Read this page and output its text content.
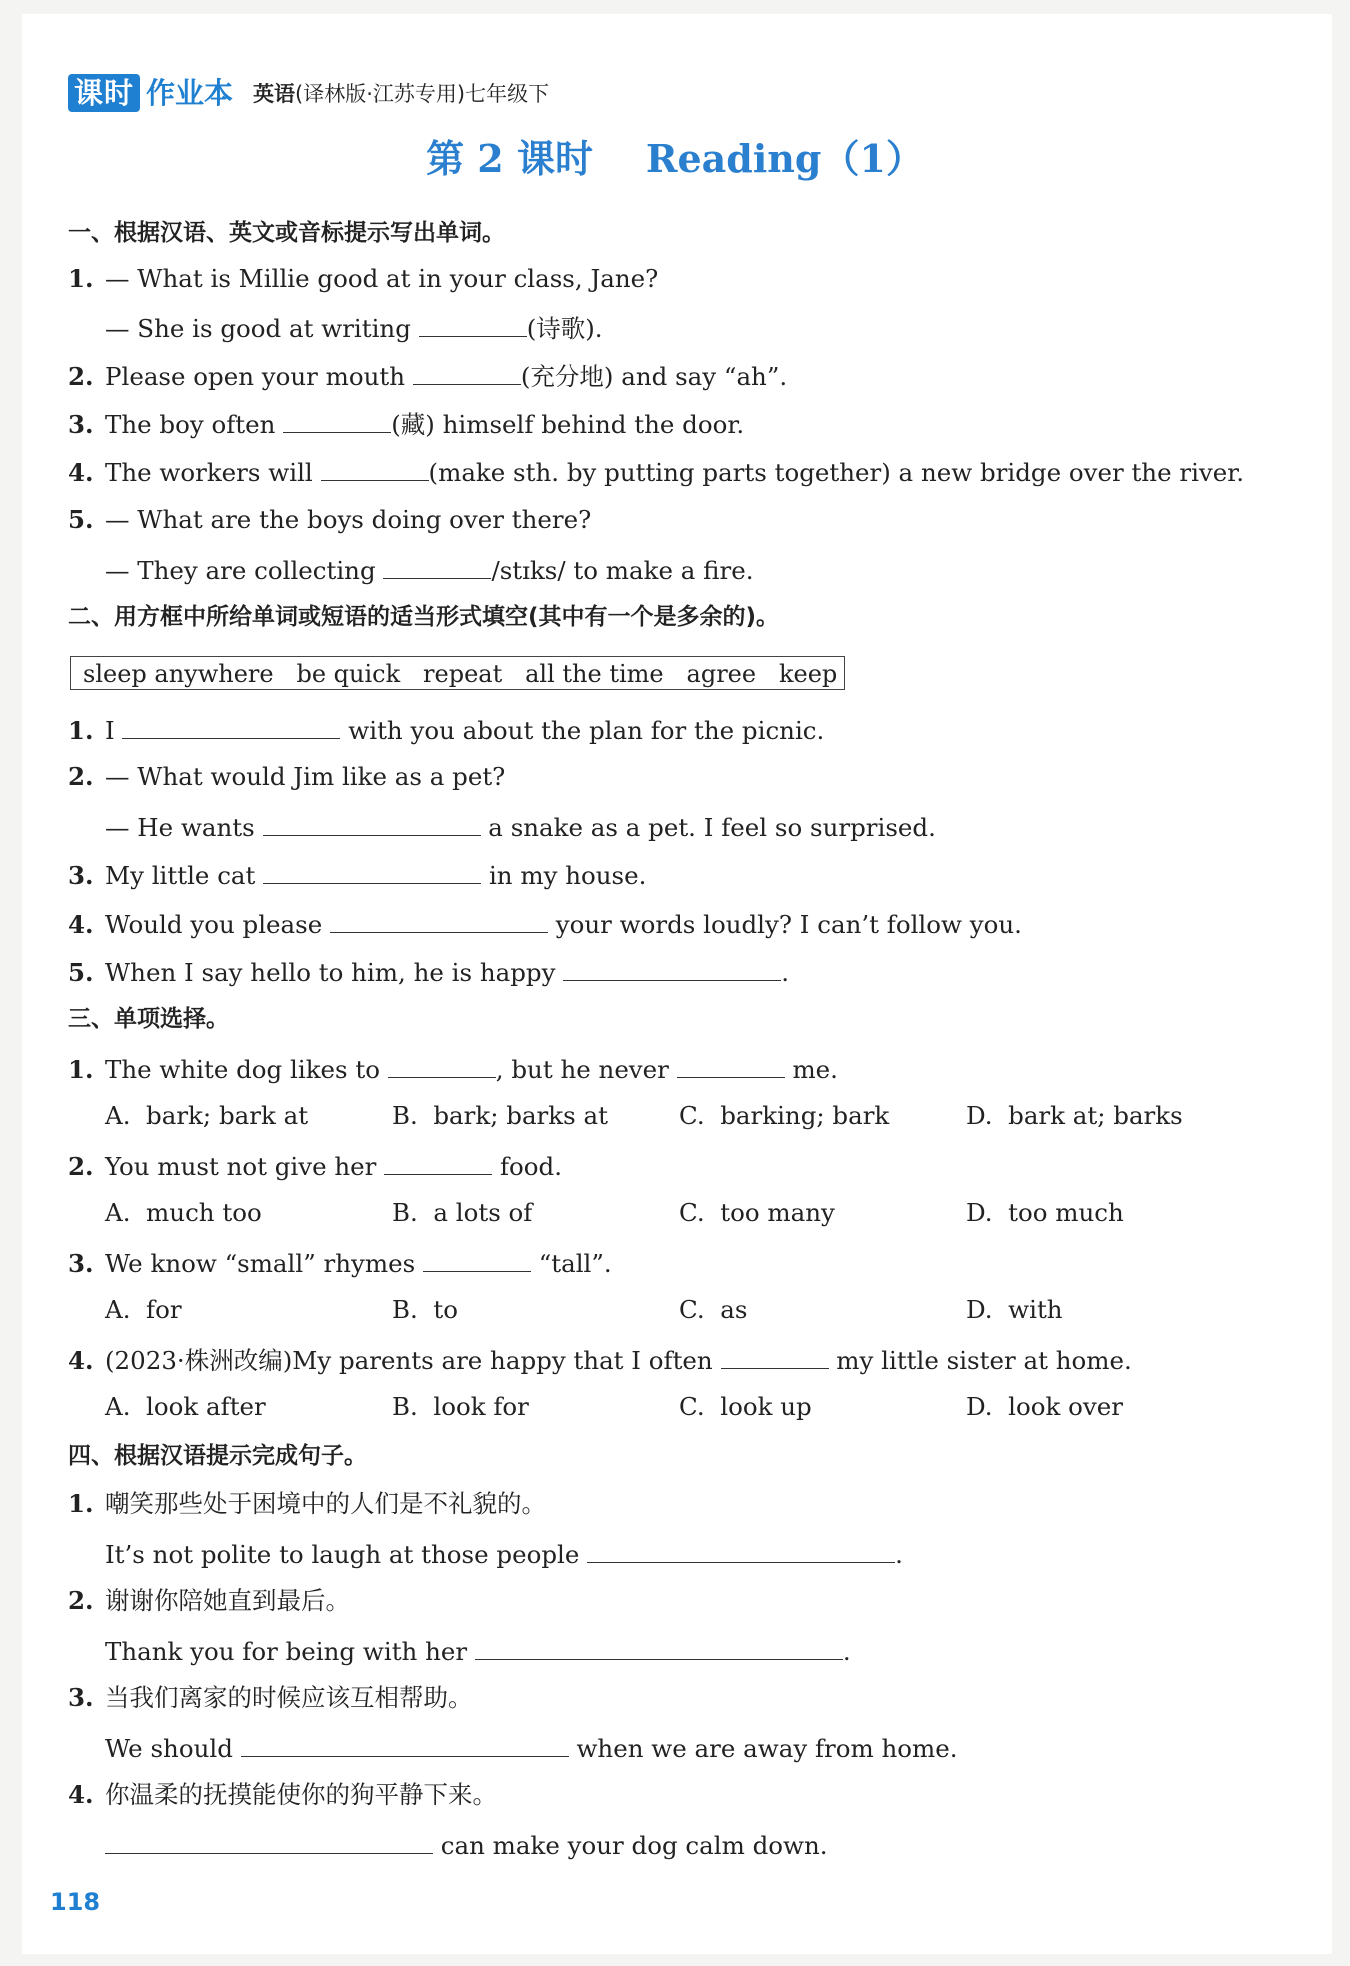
课时 作业本 英语(译林版·江苏专用)七年级下
第 2 课时    Reading（1）
一、根据汉语、英文或音标提示写出单词。
1. — What is Millie good at in your class, Jane?
— She is good at writing	(诗歌).
2. Please open your mouth	(充分地) and say “ah”.
3. The boy often	(藏) himself behind the door.
4. The workers will	(make sth. by putting parts together) a new bridge over the river.
5. — What are the boys doing over there?
— They are collecting	/stɪks/ to make a fire.
二、用方框中所给单词或短语的适当形式填空(其中有一个是多余的)。
sleep anywhere   be quick   repeat   all the time   agree   keep
1. I	with you about the plan for the picnic.
2. — What would Jim like as a pet?
— He wants	a snake as a pet. I feel so surprised.
3. My little cat	in my house.
4. Would you please	your words loudly? I can’t follow you.
5. When I say hello to him, he is happy	.
三、单项选择。
1. The white dog likes to	, but he never	me.
A.  bark; bark at	B.  bark; barks at	C.  barking; bark	D.  bark at; barks
2. You must not give her	food.
A.  much too	B.  a lots of	C.  too many	D.  too much
3. We know “small” rhymes	“tall”.
A.  for	B.  to	C.  as	D.  with
4. (2023·株洲改编)My parents are happy that I often	my little sister at home.
A.  look after	B.  look for	C.  look up	D.  look over
四、根据汉语提示完成句子。
1. 嘲笑那些处于困境中的人们是不礼貌的。
It’s not polite to laugh at those people	.
2. 谢谢你陪她直到最后。
Thank you for being with her	.
3. 当我们离家的时候应该互相帮助。
We should	when we are away from home.
4. 你温柔的抚摸能使你的狗平静下来。
can make your dog calm down.
118
